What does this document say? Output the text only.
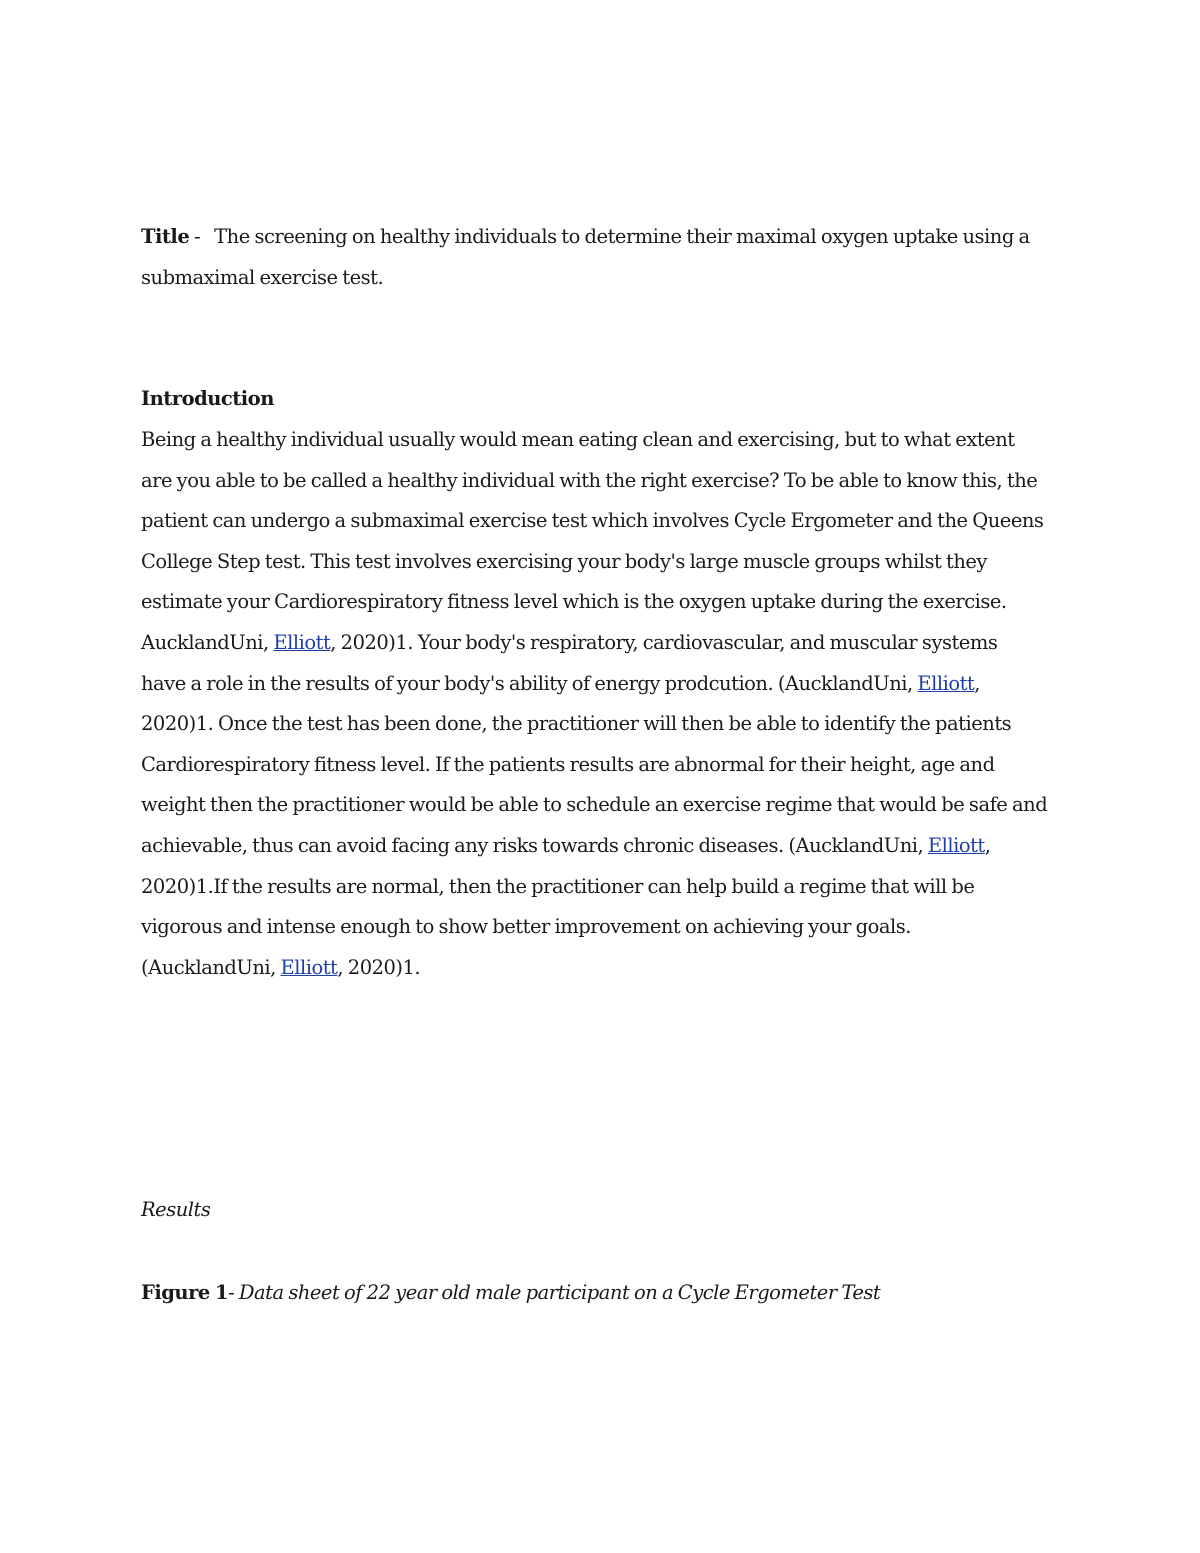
Title -   The screening on healthy individuals to determine their maximal oxygen uptake using a
submaximal exercise test.
Introduction
Being a healthy individual usually would mean eating clean and exercising, but to what extent
are you able to be called a healthy individual with the right exercise? To be able to know this, the
patient can undergo a submaximal exercise test which involves Cycle Ergometer and the Queens
College Step test. This test involves exercising your body's large muscle groups whilst they
estimate your Cardiorespiratory fitness level which is the oxygen uptake during the exercise.
AucklandUni, Elliott, 2020)1. Your body's respiratory, cardiovascular, and muscular systems
have a role in the results of your body's ability of energy prodcution. (AucklandUni, Elliott,
2020)1. Once the test has been done, the practitioner will then be able to identify the patients
Cardiorespiratory fitness level. If the patients results are abnormal for their height, age and
weight then the practitioner would be able to schedule an exercise regime that would be safe and
achievable, thus can avoid facing any risks towards chronic diseases. (AucklandUni, Elliott,
2020)1.If the results are normal, then the practitioner can help build a regime that will be
vigorous and intense enough to show better improvement on achieving your goals.
(AucklandUni, Elliott, 2020)1.
Results
Figure 1- Data sheet of 22 year old male participant on a Cycle Ergometer Test
